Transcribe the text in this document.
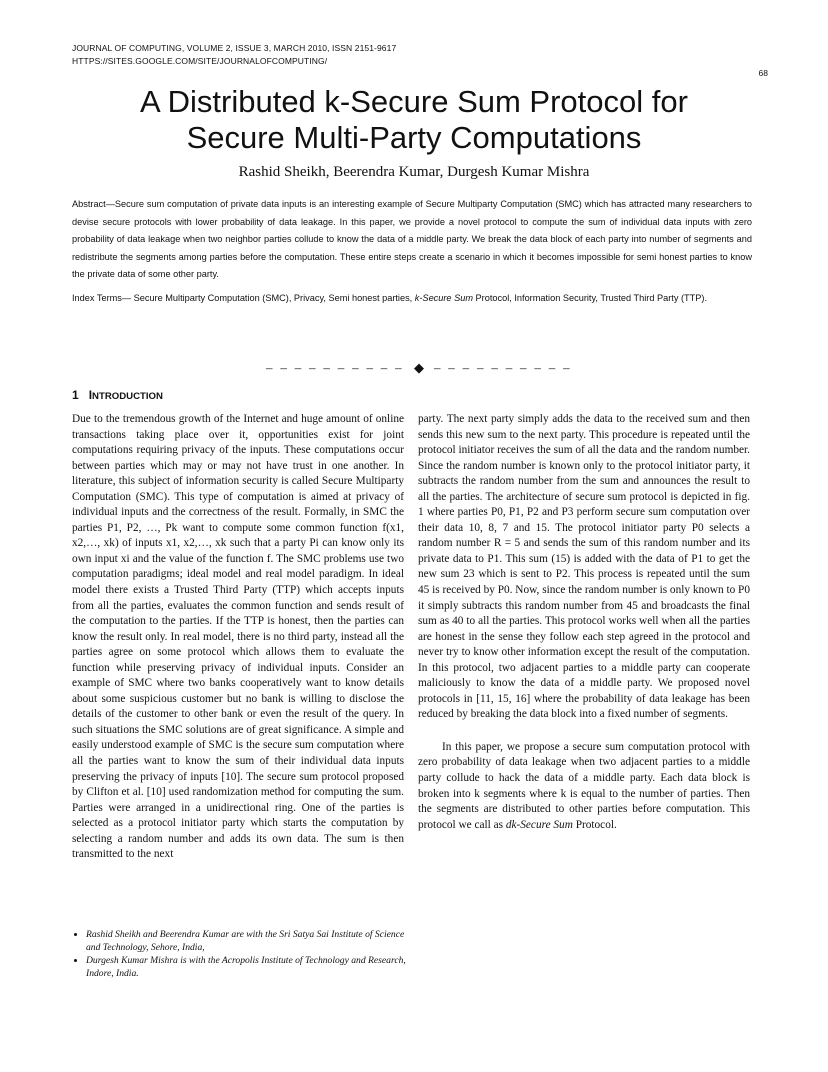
JOURNAL OF COMPUTING, VOLUME 2, ISSUE 3, MARCH 2010, ISSN 2151-9617
HTTPS://SITES.GOOGLE.COM/SITE/JOURNALOFCOMPUTING/
68
A Distributed k-Secure Sum Protocol for
Secure Multi-Party Computations
Rashid Sheikh, Beerendra Kumar, Durgesh Kumar Mishra
Abstract—Secure sum computation of private data inputs is an interesting example of Secure Multiparty Computation (SMC) which has attracted many researchers to devise secure protocols with lower probability of data leakage. In this paper, we provide a novel protocol to compute the sum of individual data inputs with zero probability of data leakage when two neighbor parties collude to know the data of a middle party. We break the data block of each party into number of segments and redistribute the segments among parties before the computation. These entire steps create a scenario in which it becomes impossible for semi honest parties to know the private data of some other party.
Index Terms— Secure Multiparty Computation (SMC), Privacy, Semi honest parties, k-Secure Sum Protocol, Information Security, Trusted Third Party (TTP).
– – – – – – – – – – ◆ – – – – – – – – – –
1 INTRODUCTION

Due to the tremendous growth of the Internet and huge amount of online transactions taking place over it, opportunities exist for joint computations requiring privacy of the inputs. These computations occur between parties which may or may not have trust in one another. In literature, this subject of information security is called Secure Multiparty Computation (SMC). This type of computation is aimed at privacy of individual inputs and the correctness of the result. Formally, in SMC the parties P1, P2, …, Pk want to compute some common function f(x1, x2,…, xk) of inputs x1, x2,…, xk such that a party Pi can know only its own input xi and the value of the function f. The SMC problems use two computation paradigms; ideal model and real model paradigm. In ideal model there exists a Trusted Third Party (TTP) which accepts inputs from all the parties, evaluates the common function and sends result of the computation to the parties. If the TTP is honest, then the parties can know the result only. In real model, there is no third party, instead all the parties agree on some protocol which allows them to evaluate the function while preserving privacy of individual inputs. Consider an example of SMC where two banks cooperatively want to know details about some suspicious customer but no bank is willing to disclose the details of the customer to other bank or even the result of the query. In such situations the SMC solutions are of great significance. A simple and easily understood example of SMC is the secure sum computation where all the parties want to know the sum of their individual data inputs preserving the privacy of inputs [10]. The secure sum protocol proposed by Clifton et al. [10] used randomization method for computing the sum. Parties were arranged in a unidirectional ring. One of the parties is selected as a protocol initiator party which starts the computation by selecting a random number and adds its own data. The sum is then transmitted to the next

party. The next party simply adds the data to the received sum and then sends this new sum to the next party. This procedure is repeated until the protocol initiator receives the sum of all the data and the random number. Since the random number is known only to the protocol initiator party, it subtracts the random number from the sum and announces the result to all the parties. The architecture of secure sum protocol is depicted in fig. 1 where parties P0, P1, P2 and P3 perform secure sum computation over their data 10, 8, 7 and 15. The protocol initiator party P0 selects a random number R = 5 and sends the sum of this random number and its private data to P1. This sum (15) is added with the data of P1 to get the new sum 23 which is sent to P2. This process is repeated until the sum 45 is received by P0. Now, since the random number is only known to P0 it simply subtracts this random number from 45 and broadcasts the final sum as 40 to all the parties. This protocol works well when all the parties are honest in the sense they follow each step agreed in the protocol and never try to know other information except the result of the computation. In this protocol, two adjacent parties to a middle party can cooperate maliciously to know the data of a middle party. We proposed novel protocols in [11, 15, 16] where the probability of data leakage has been reduced by breaking the data block into a fixed number of segments.

In this paper, we propose a secure sum computation protocol with zero probability of data leakage when two adjacent parties to a middle party collude to hack the data of a middle party. Each data block is broken into k segments where k is equal to the number of parties. Then the segments are distributed to other parties before computation. This protocol we call as dk-Secure Sum Protocol.

• Rashid Sheikh and Beerendra Kumar are with the Sri Satya Sai Institute of Science and Technology, Sehore, India,
• Durgesh Kumar Mishra is with the Acropolis Institute of Technology and Research, Indore, India.
